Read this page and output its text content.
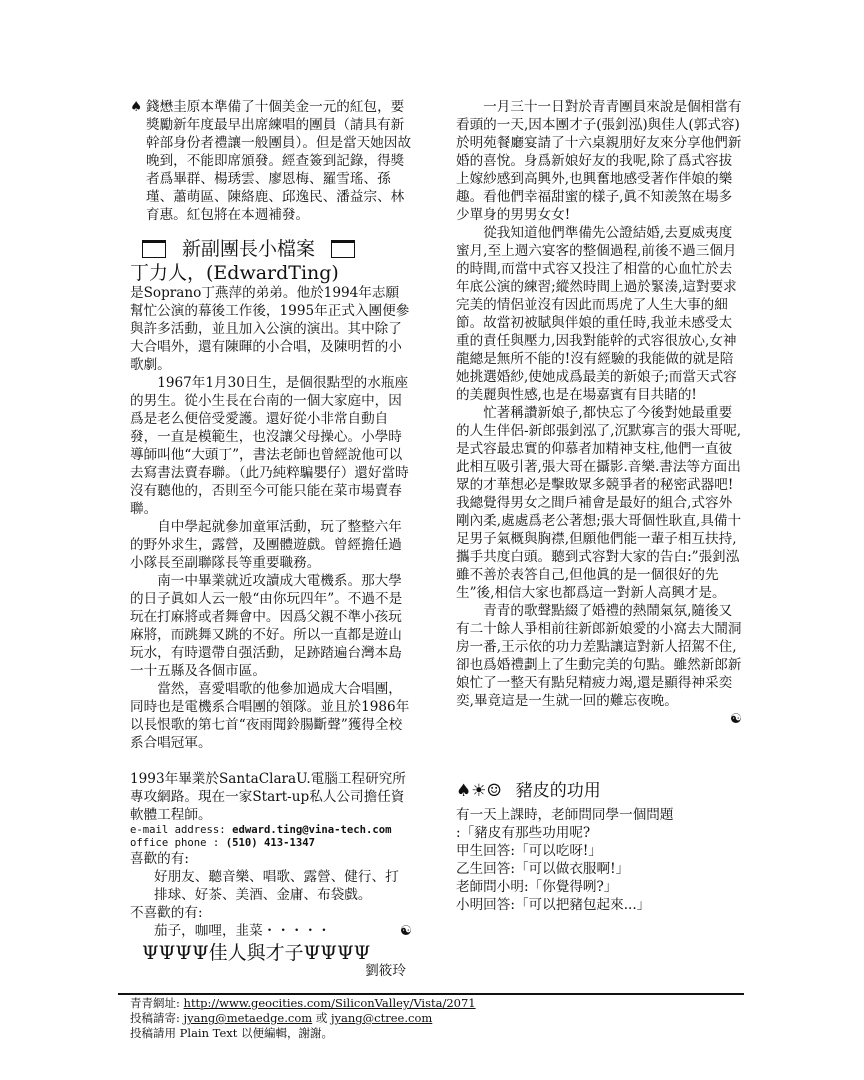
♠ 錢懋圭原本準備了十個美金一元的紅包，要獎勵新年度最早出席練唱的團員（請具有新幹部身份者禮讓一般團員）。但是當天她因故晚到，不能即席頒發。經查簽到記錄，得獎者爲畢群、楊琇雲、廖恩梅、羅雪瑤、孫瑾、蕭萌區、陳絡鹿、邱逸民、潘益宗、林育惠。紅包將在本週補發。

新副團長小檔案
丁力人，(EdwardTing)

是Soprano丁燕萍的弟弟。他於1994年志願幫忙公演的幕後工作後，1995年正式入團便參與許多活動，並且加入公演的演出。其中除了大合唱外，還有陳暉的小合唱，及陳明哲的小歌劇。

1967年1月30日生，是個很點型的水瓶座的男生。從小生長在台南的一個大家庭中，因爲是老么便倍受愛護。還好從小非常自動自發，一直是模範生，也沒讓父母操心。小學時導師叫他“大頭丁”，書法老師也曾經說他可以去寫書法賣春聯。（此乃純粹騙嬰仔）還好當時沒有聽他的，否則至今可能只能在菜市場賣春聯。

自中學起就參加童軍活動，玩了整整六年的野外求生，露營，及團體遊戲。曾經擔任過小隊長至副聯隊長等重要職務。

南一中畢業就近攻讀成大電機系。那大學的日子眞如人云一般“由你玩四年”。不過不是玩在打麻將或者舞會中。因爲父親不準小孩玩麻將，而跳舞又跳的不好。所以一直都是遊山玩水，有時還帶自强活動，足跡踏遍台灣本島一十五縣及各個市區。

當然，喜愛唱歌的他參加過成大合唱團，同時也是電機系合唱團的領隊。並且於1986年以長恨歌的第七首“夜雨聞鈴腸斷聲”獲得全校系合唱冠軍。

1993年畢業於SantaClaraU.電腦工程研究所專攻網路。現在一家Start-up私人公司擔任資軟體工程師。

e-mail address: edward.ting@vina-tech.com
office phone : (510) 413-1347
喜歡的有:
好朋友、聽音樂、唱歌、露營、健行、打排球、好茶、美酒、金庸、布袋戲。
不喜歡的有:
茄子，咖哩，韭菜・・・・・	☯
ΨΨΨΨ佳人與才子ΨΨΨΨ
劉筱玲

一月三十一日對於青青團員來說是個相當有看頭的一天,因本團才子(張釗泓)與佳人(郭式容)於明苑餐廳宴請了十六桌親朋好友來分享他們新婚的喜悅。身爲新娘好友的我呢,除了爲式容拔上嫁紗感到高興外,也興奮地感受著作伴娘的樂趣。看他們幸福甜蜜的樣子,眞不知羨煞在場多少單身的男男女女!

從我知道他們準備先公證結婚,去夏威夷度蜜月,至上週六宴客的整個過程,前後不過三個月的時間,而當中式容又投注了相當的心血忙於去年底公演的練習;縱然時間上過於緊湊,這對要求完美的情侶並沒有因此而馬虎了人生大事的細節。故當初被賦與伴娘的重任時,我並未感受太重的責任與壓力,因我對能幹的式容很放心,女神龍總是無所不能的!沒有經驗的我能做的就是陪她挑選婚紗,使她成爲最美的新娘子;而當天式容的美麗與性感,也是在場嘉賓有目共睹的!

忙著稱讚新娘子,都快忘了今後對她最重要的人生伴侶-新郎張釗泓了,沉默寡言的張大哥呢,是式容最忠實的仰慕者加精神支柱,他們一直彼此相互吸引著,張大哥在攝影.音樂.書法等方面出眾的才華想必是擊敗眾多競爭者的秘密武器吧!我總覺得男女之間戶補會是最好的組合,式容外剛內柔,處處爲老公著想;張大哥個性耿直,具備十足男子氣概與胸襟,但願他們能一輩子相互扶持,攜手共度白頭。聽到式容對大家的告白:”張釗泓雖不善於表答自己,但他眞的是一個很好的先生”後,相信大家也都爲這一對新人高興才是。

青青的歌聲點綴了婚禮的熱鬧氣氛,隨後又有二十餘人爭相前往新郎新娘愛的小窩去大鬧洞房一番,王示依的功力差點讓這對新人招駕不住,卻也爲婚禮劃上了生動完美的句點。雖然新郎新娘忙了一整天有點兒精疲力竭,還是顯得神采奕奕,畢竟這是一生就一回的難忘夜晚。

☯
♠☀☺ 豬皮的功用
有一天上課時，老師問同學一個問題
:「豬皮有那些功用呢?
甲生回答:「可以吃呀!」
乙生回答:「可以做衣服啊!」
老師問小明:「你覺得咧?」
小明回答:「可以把豬包起來...」
青青網址: http://www.geocities.com/SiliconValley/Vista/2071
投稿請寄: jyang@metaedge.com 或 jyang@ctree.com
投稿請用 Plain Text 以便編輯，謝謝。
